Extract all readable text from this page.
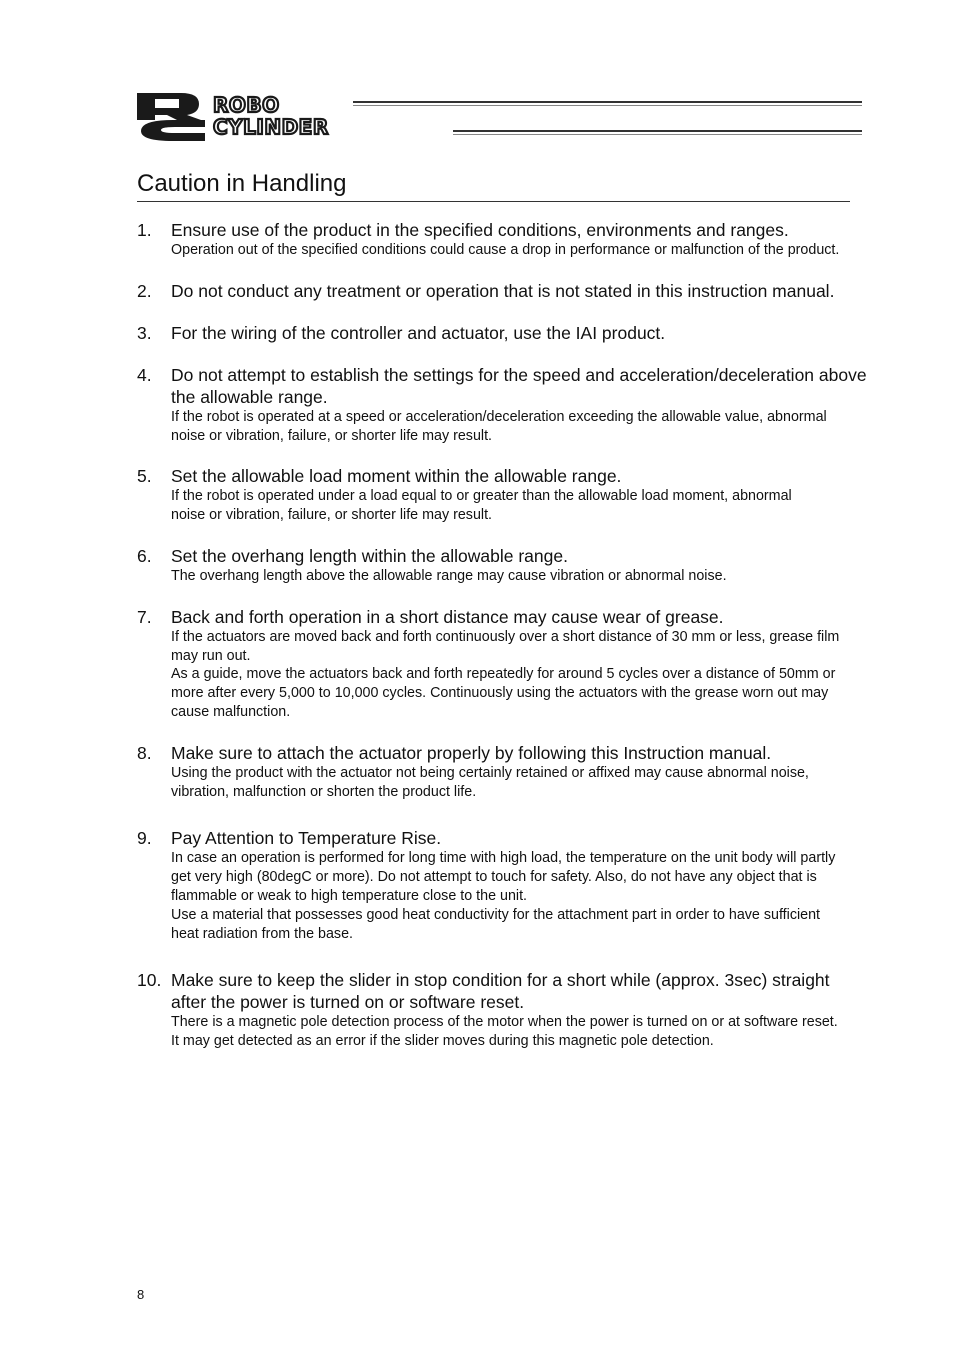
ROBO
CYLINDER
Caution in Handling
1. Ensure use of the product in the specified conditions, environments and ranges.
Operation out of the specified conditions could cause a drop in performance or malfunction of the product.
2. Do not conduct any treatment or operation that is not stated in this instruction manual.
3. For the wiring of the controller and actuator, use the IAI product.
4. Do not attempt to establish the settings for the speed and acceleration/deceleration above the allowable range.
If the robot is operated at a speed or acceleration/deceleration exceeding the allowable value, abnormal noise or vibration, failure, or shorter life may result.
5. Set the allowable load moment within the allowable range.
If the robot is operated under a load equal to or greater than the allowable load moment, abnormal noise or vibration, failure, or shorter life may result.
6. Set the overhang length within the allowable range.
The overhang length above the allowable range may cause vibration or abnormal noise.
7. Back and forth operation in a short distance may cause wear of grease.
If the actuators are moved back and forth continuously over a short distance of 30 mm or less, grease film may run out.
As a guide, move the actuators back and forth repeatedly for around 5 cycles over a distance of 50mm or more after every 5,000 to 10,000 cycles. Continuously using the actuators with the grease worn out may cause malfunction.
8. Make sure to attach the actuator properly by following this Instruction manual.
Using the product with the actuator not being certainly retained or affixed may cause abnormal noise, vibration, malfunction or shorten the product life.
9. Pay Attention to Temperature Rise.
In case an operation is performed for long time with high load, the temperature on the unit body will partly get very high (80degC or more). Do not attempt to touch for safety. Also, do not have any object that is flammable or weak to high temperature close to the unit.
Use a material that possesses good heat conductivity for the attachment part in order to have sufficient heat radiation from the base.
10. Make sure to keep the slider in stop condition for a short while (approx. 3sec) straight after the power is turned on or software reset.
There is a magnetic pole detection process of the motor when the power is turned on or at software reset. It may get detected as an error if the slider moves during this magnetic pole detection.
8
